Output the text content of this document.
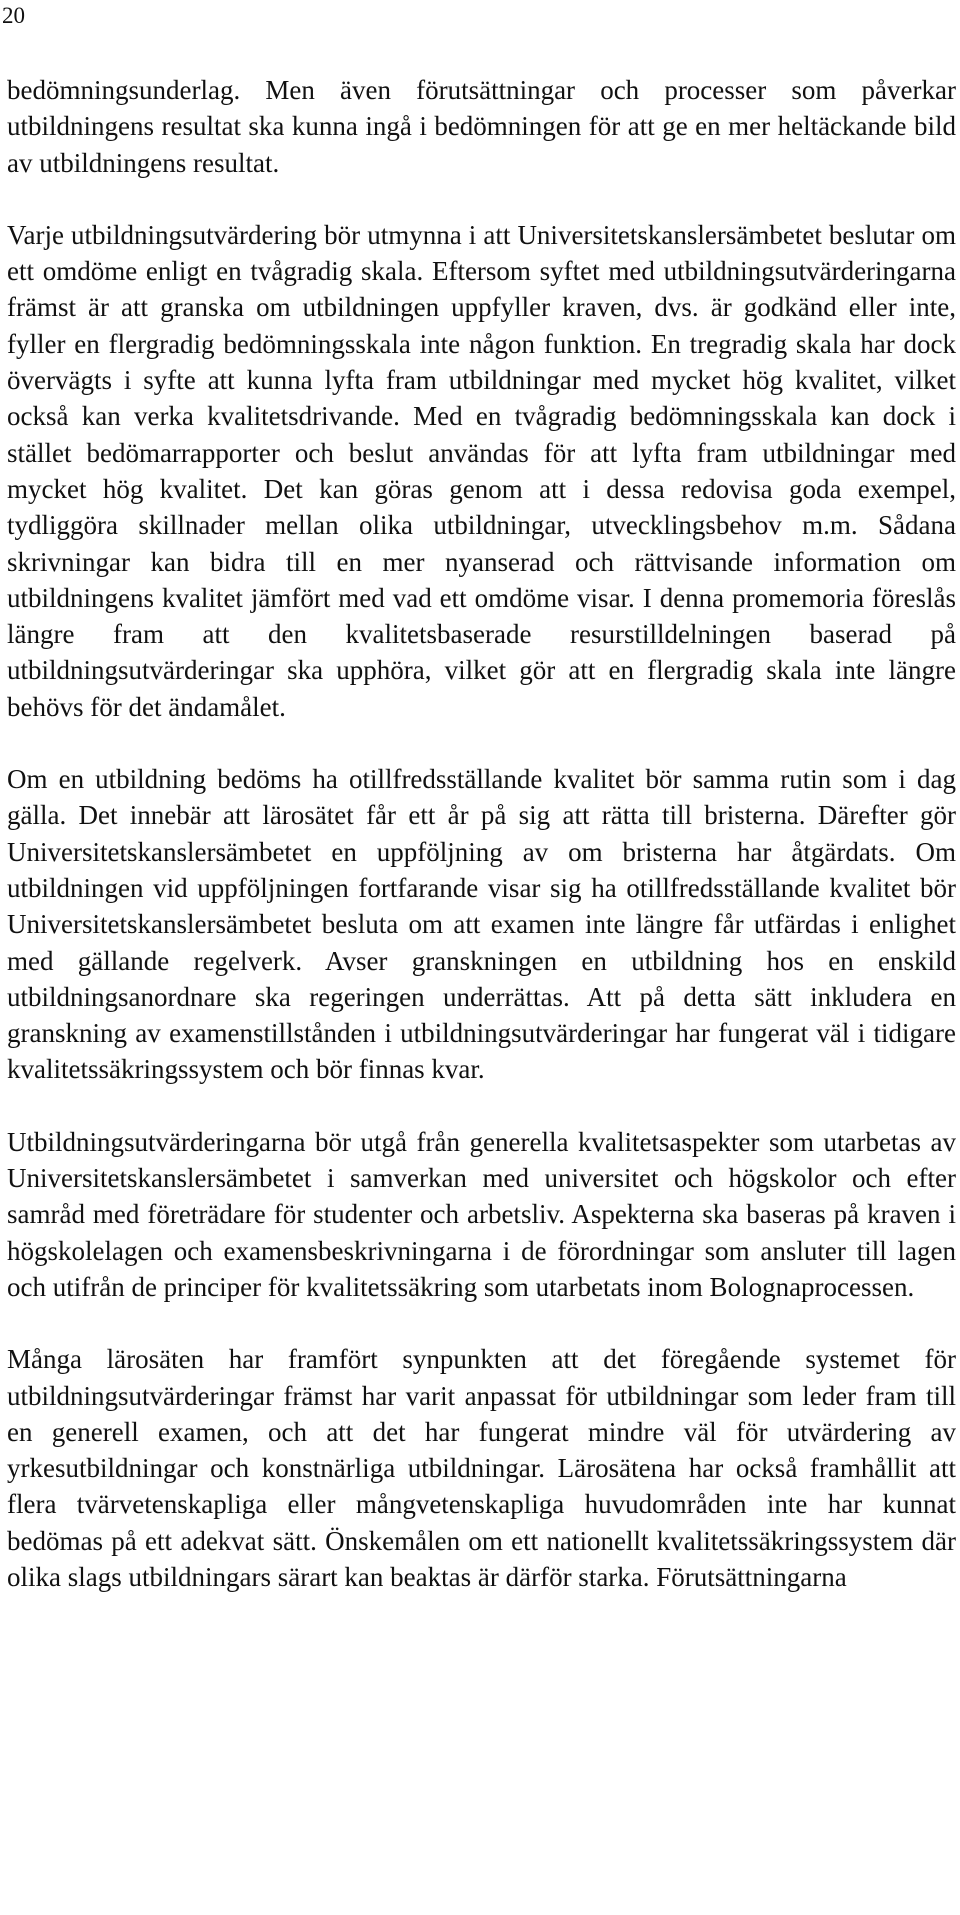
20

bedömningsunderlag. Men även förutsättningar och processer som påverkar utbildningens resultat ska kunna ingå i bedömningen för att ge en mer heltäckande bild av utbildningens resultat.

Varje utbildningsutvärdering bör utmynna i att Universitetskanslersämbetet beslutar om ett omdöme enligt en tvågradig skala. Eftersom syftet med utbildningsutvärderingarna främst är att granska om utbildningen uppfyller kraven, dvs. är godkänd eller inte, fyller en flergradig bedömningsskala inte någon funktion. En tregradig skala har dock övervägts i syfte att kunna lyfta fram utbildningar med mycket hög kvalitet, vilket också kan verka kvalitetsdrivande. Med en tvågradig bedömningsskala kan dock i stället bedömarrapporter och beslut användas för att lyfta fram utbildningar med mycket hög kvalitet. Det kan göras genom att i dessa redovisa goda exempel, tydliggöra skillnader mellan olika utbildningar, utvecklingsbehov m.m. Sådana skrivningar kan bidra till en mer nyanserad och rättvisande information om utbildningens kvalitet jämfört med vad ett omdöme visar. I denna promemoria föreslås längre fram att den kvalitetsbaserade resurstilldelningen baserad på utbildningsutvärderingar ska upphöra, vilket gör att en flergradig skala inte längre behövs för det ändamålet.

Om en utbildning bedöms ha otillfredsställande kvalitet bör samma rutin som i dag gälla. Det innebär att lärosätet får ett år på sig att rätta till bristerna. Därefter gör Universitetskanslersämbetet en uppföljning av om bristerna har åtgärdats. Om utbildningen vid uppföljningen fortfarande visar sig ha otillfredsställande kvalitet bör Universitetskanslersämbetet besluta om att examen inte längre får utfärdas i enlighet med gällande regelverk. Avser granskningen en utbildning hos en enskild utbildningsanordnare ska regeringen underrättas. Att på detta sätt inkludera en granskning av examenstillstånden i utbildningsutvärderingar har fungerat väl i tidigare kvalitetssäkringssystem och bör finnas kvar.

Utbildningsutvärderingarna bör utgå från generella kvalitetsaspekter som utarbetas av Universitetskanslersämbetet i samverkan med universitet och högskolor och efter samråd med företrädare för studenter och arbetsliv. Aspekterna ska baseras på kraven i högskolelagen och examensbeskrivningarna i de förordningar som ansluter till lagen och utifrån de principer för kvalitetssäkring som utarbetats inom Bolognaprocessen.

Många lärosäten har framfört synpunkten att det föregående systemet för utbildningsutvärderingar främst har varit anpassat för utbildningar som leder fram till en generell examen, och att det har fungerat mindre väl för utvärdering av yrkesutbildningar och konstnärliga utbildningar. Lärosätena har också framhållit att flera tvärvetenskapliga eller mångvetenskapliga huvudområden inte har kunnat bedömas på ett adekvat sätt. Önskemålen om ett nationellt kvalitetssäkringssystem där olika slags utbildningars särart kan beaktas är därför starka. Förutsättningarna
